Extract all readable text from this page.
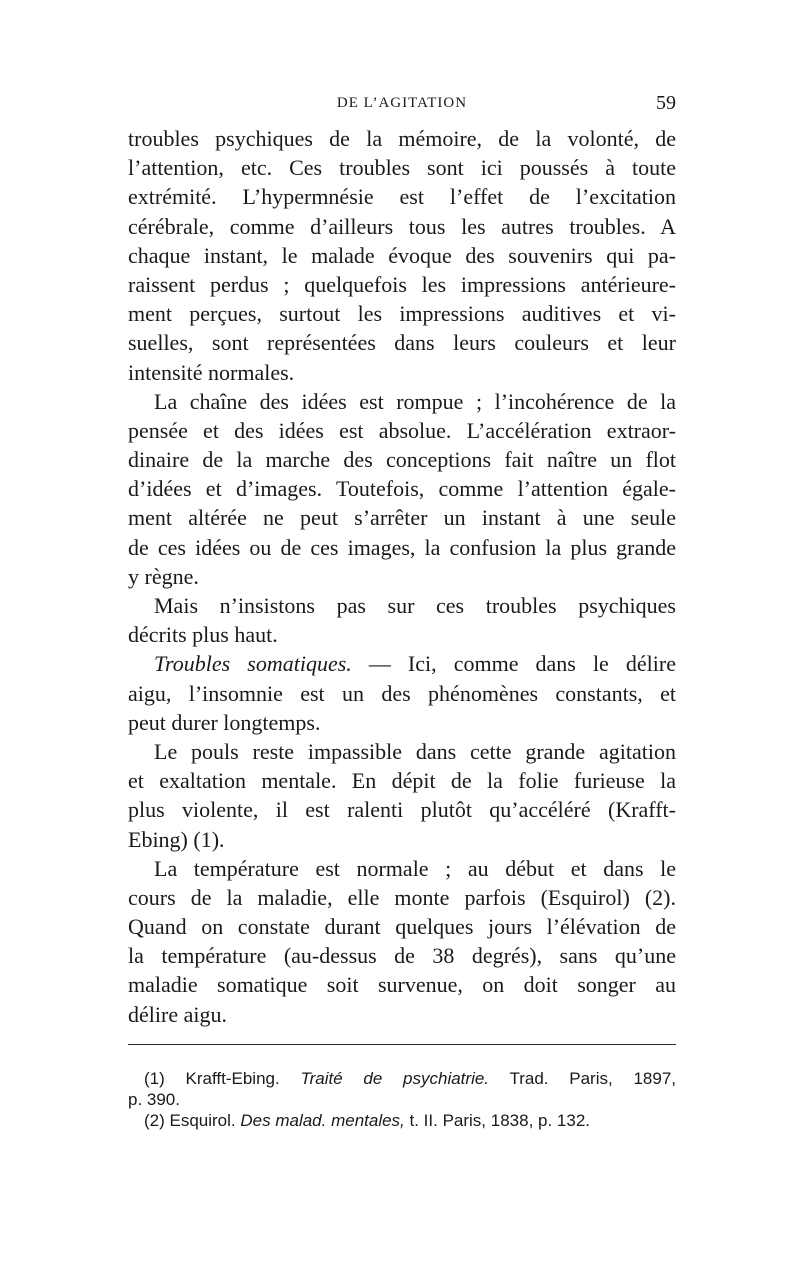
DE L’AGITATION	59
troubles psychiques de la mémoire, de la volonté, de
l’attention, etc. Ces troubles sont ici poussés à toute
extrémité. L’hypermnésie est l’effet de l’excitation
cérébrale, comme d’ailleurs tous les autres troubles. A
chaque instant, le malade évoque des souvenirs qui pa-
raissent perdus ; quelquefois les impressions antérieure-
ment perçues, surtout les impressions auditives et vi-
suelles, sont représentées dans leurs couleurs et leur
intensité normales.
La chaîne des idées est rompue ; l’incohérence de la
pensée et des idées est absolue. L’accélération extraor-
dinaire de la marche des conceptions fait naître un flot
d’idées et d’images. Toutefois, comme l’attention égale-
ment altérée ne peut s’arrêter un instant à une seule
de ces idées ou de ces images, la confusion la plus grande
y règne.
Mais n’insistons pas sur ces troubles psychiques
décrits plus haut.
Troubles somatiques. — Ici, comme dans le délire
aigu, l’insomnie est un des phénomènes constants, et
peut durer longtemps.
Le pouls reste impassible dans cette grande agitation
et exaltation mentale. En dépit de la folie furieuse la
plus violente, il est ralenti plutôt qu’accéléré (Krafft-
Ebing) (1).
La température est normale ; au début et dans le
cours de la maladie, elle monte parfois (Esquirol) (2).
Quand on constate durant quelques jours l’élévation de
la température (au-dessus de 38 degrés), sans qu’une
maladie somatique soit survenue, on doit songer au
délire aigu.
(1) Krafft-Ebing. Traité de psychiatrie. Trad. Paris, 1897,
p. 390.
(2) Esquirol. Des malad. mentales, t. II. Paris, 1838, p. 132.
